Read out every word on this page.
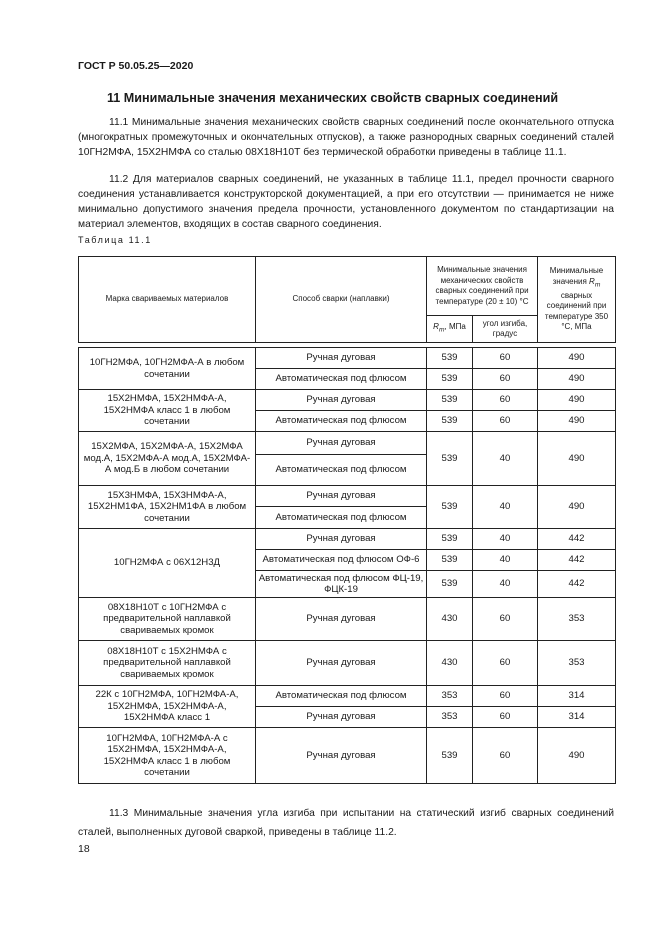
ГОСТ Р 50.05.25—2020
11 Минимальные значения механических свойств сварных соединений

11.1 Минимальные значения механических свойств сварных соединений после окончательного отпуска (многократных промежуточных и окончательных отпусков), а также разнородных сварных соединений сталей 10ГН2МФА, 15Х2НМФА со сталью 08Х18Н10Т без термической обработки приведены в таблице 11.1.

11.2 Для материалов сварных соединений, не указанных в таблице 11.1, предел прочности сварного соединения устанавливается конструкторской документацией, а при его отсутствии — принимается не ниже минимально допустимого значения предела прочности, установленного документом по стандартизации на материал элементов, входящих в состав сварного соединения.

Таблица 11.1
Марка свариваемых материалов	Способ сварки (наплавки)	Минимальные значения механических свойств сварных соединений при температуре (20 ± 10) °С		Минимальные значения $R_m$ сварных соединений при температуре 350 °С, МПа
		$R_m$, МПа	угол изгиба, градус	

10ГН2МФА, 10ГН2МФА-А в любом сочетании	Ручная дуговая	539	60	490
	Автоматическая под флюсом	539	60	490
15Х2НМФА, 15Х2НМФА-А, 15Х2НМФА класс 1 в любом сочетании	Ручная дуговая	539	60	490
	Автоматическая под флюсом	539	60	490
15Х2МФА, 15Х2МФА-А, 15Х2МФА мод.А, 15Х2МФА-А мод.А, 15Х2МФА-А мод.Б в любом сочетании	Ручная дуговая	539	40	490
	Автоматическая под флюсом			
15Х3НМФА, 15Х3НМФА-А, 15Х2НМ1ФА, 15Х2НМ1ФА в любом сочетании	Ручная дуговая	539	40	490
	Автоматическая под флюсом			
10ГН2МФА с 06Х12Н3Д	Ручная дуговая	539	40	442
	Автоматическая под флюсом ОФ-6	539	40	442
	Автоматическая под флюсом ФЦ-19, ФЦК-19	539	40	442
08Х18Н10Т с 10ГН2МФА с предварительной наплавкой свариваемых кромок	Ручная дуговая	430	60	353
08Х18Н10Т с 15Х2НМФА с предварительной наплавкой свариваемых кромок	Ручная дуговая	430	60	353
22К с 10ГН2МФА, 10ГН2МФА-А, 15Х2НМФА, 15Х2НМФА-А, 15Х2НМФА класс 1	Автоматическая под флюсом	353	60	314
	Ручная дуговая	353	60	314
10ГН2МФА, 10ГН2МФА-А с 15Х2НМФА, 15Х2НМФА-А, 15Х2НМФА класс 1 в любом сочетании	Ручная дуговая	539	60	490

11.3 Минимальные значения угла изгиба при испытании на статический изгиб сварных соединений сталей, выполненных дуговой сваркой, приведены в таблице 11.2.

18
